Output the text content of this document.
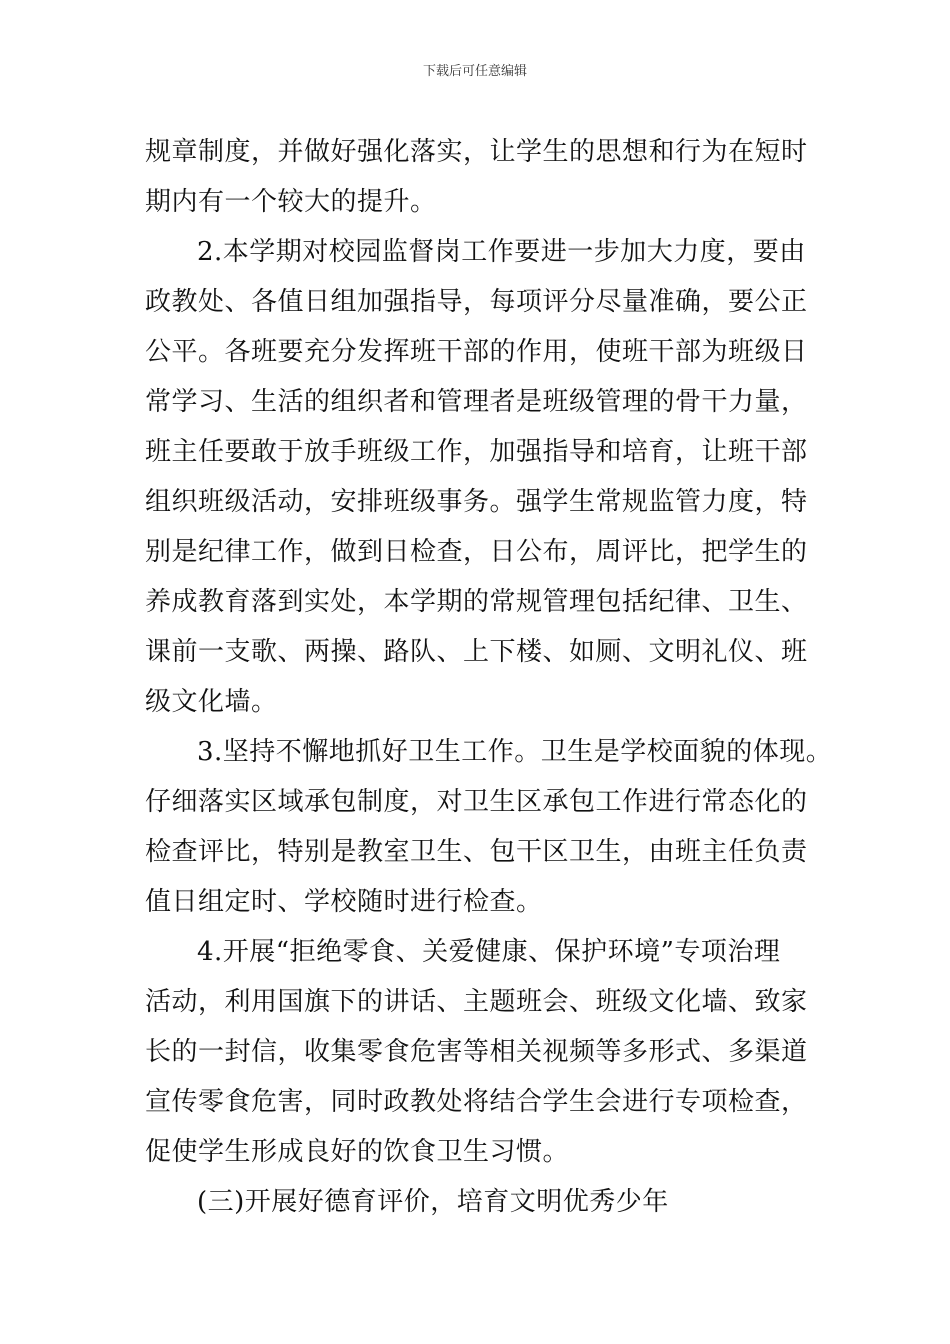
下载后可任意编辑
规章制度，并做好强化落实，让学生的思想和行为在短时
期内有一个较大的提升。
2.本学期对校园监督岗工作要进一步加大力度，要由
政教处、各值日组加强指导，每项评分尽量准确，要公正
公平。各班要充分发挥班干部的作用，使班干部为班级日
常学习、生活的组织者和管理者是班级管理的骨干力量，
班主任要敢于放手班级工作，加强指导和培育，让班干部
组织班级活动，安排班级事务。强学生常规监管力度，特
别是纪律工作，做到日检查，日公布，周评比，把学生的
养成教育落到实处，本学期的常规管理包括纪律、卫生、
课前一支歌、两操、路队、上下楼、如厕、文明礼仪、班
级文化墙。
3.坚持不懈地抓好卫生工作。卫生是学校面貌的体现。
仔细落实区域承包制度，对卫生区承包工作进行常态化的
检查评比，特别是教室卫生、包干区卫生，由班主任负责
值日组定时、学校随时进行检查。
4.开展“拒绝零食、关爱健康、保护环境”专项治理
活动，利用国旗下的讲话、主题班会、班级文化墙、致家
长的一封信，收集零食危害等相关视频等多形式、多渠道
宣传零食危害，同时政教处将结合学生会进行专项检查，
促使学生形成良好的饮食卫生习惯。
(三)开展好德育评价，培育文明优秀少年
